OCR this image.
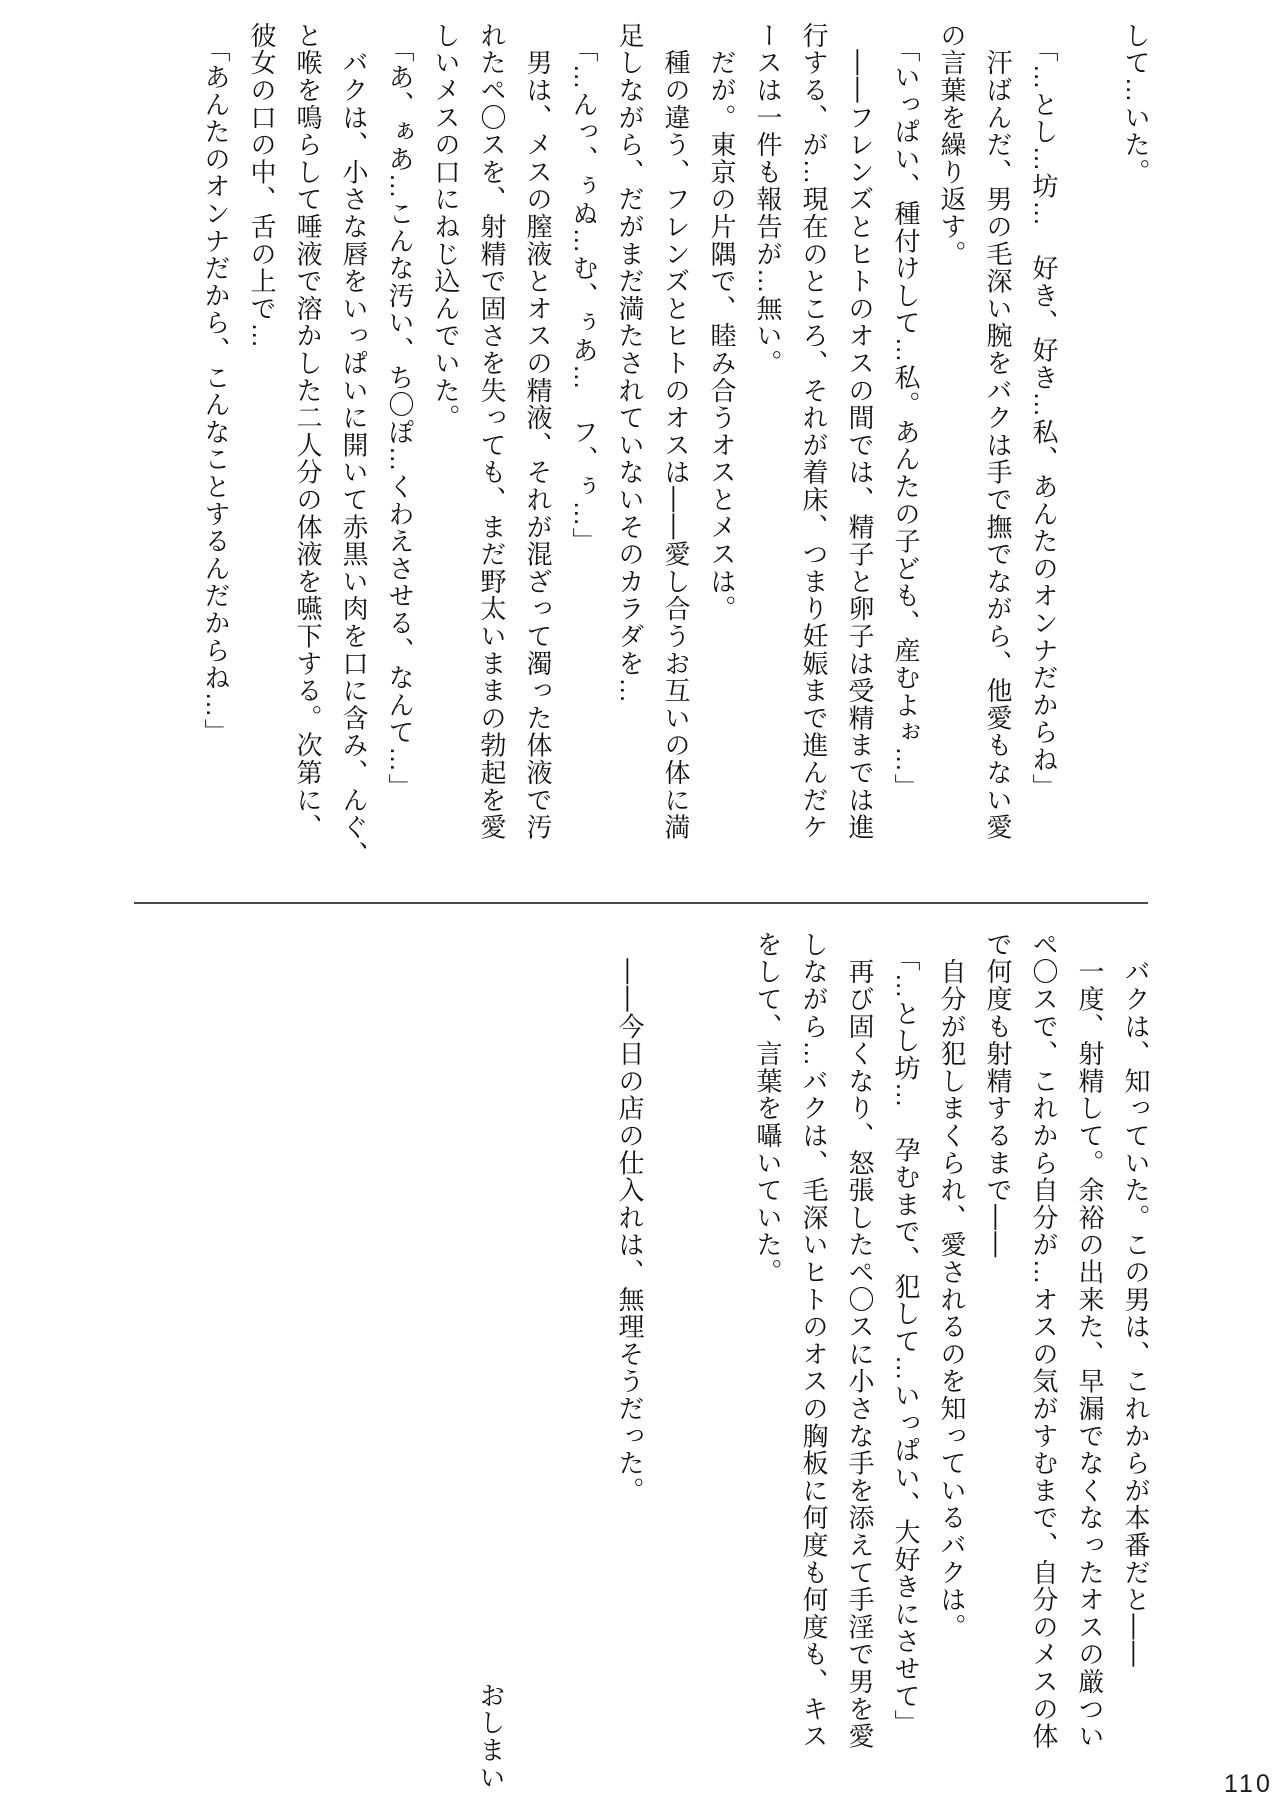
して…いた。

　「…とし…坊…　好き、好き…私、あんたのオンナだからね」
　汗ばんだ、男の毛深い腕をバクは手で撫でながら、他愛もない愛
の言葉を繰り返す。
　「いっぱい、種付けして…私。あんたの子ども、産むよぉ…」
　――フレンズとヒトのオスの間では、精子と卵子は受精までは進
行する、が…現在のところ、それが着床、つまり妊娠まで進んだケ
ースは一件も報告が…無い。
　だが。東京の片隅で、睦み合うオスとメスは。
　種の違う、フレンズとヒトのオスは――愛し合うお互いの体に満
足しながら、だがまだ満たされていないそのカラダを…
　「…んっ、ぅぬ…む、ぅあ…　フ、ぅ…」
　男は、メスの膣液とオスの精液、それが混ざって濁った体液で汚
れたペ〇スを、射精で固さを失っても、まだ野太いままの勃起を愛
しいメスの口にねじ込んでいた。
　「あ、ぁあ…こんな汚い、ち〇ぽ…くわえさせる、なんて…」
　バクは、小さな唇をいっぱいに開いて赤黒い肉を口に含み、んぐ、
と喉を鳴らして唾液で溶かした二人分の体液を嚥下する。次第に、
彼女の口の中、舌の上で…
　「あんたのオンナだから、こんなことするんだからね…」
　バクは、知っていた。この男は、これからが本番だと――
　一度、射精して。余裕の出来た、早漏でなくなったオスの厳つい
ペ〇スで、これから自分が…オスの気がすむまで、自分のメスの体
で何度も射精するまで――
　自分が犯しまくられ、愛されるのを知っているバクは。
　「…とし坊…　孕むまで、犯して…いっぱい、大好きにさせて」
　再び固くなり、怒張したペ〇スに小さな手を添えて手淫で男を愛
しながら…バクは、毛深いヒトのオスの胸板に何度も何度も、キス
をして、言葉を囁いていた。

　――今日の店の仕入れは、無理そうだった。
おしまい	110
